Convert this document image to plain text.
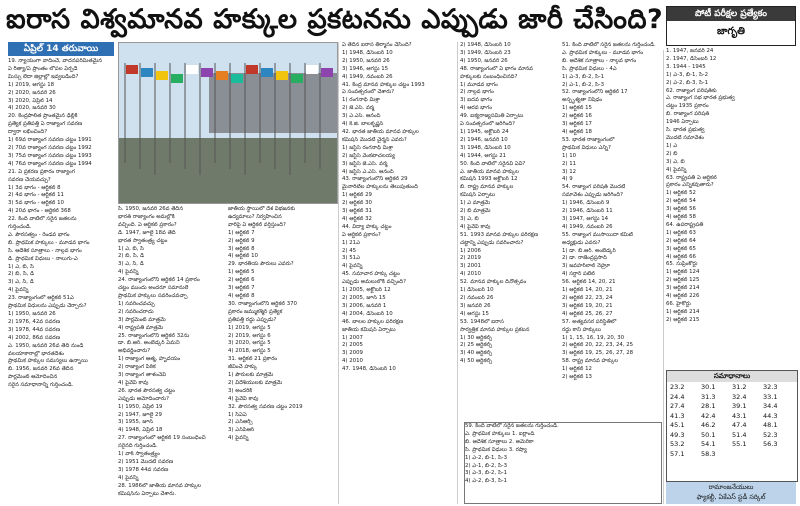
ఐరాస విశ్వమానవ హక్కుల ప్రకటనను ఎప్పుడు జారీ చేసింది?	పోటీ పరీక్షల ప్రత్యేకం
జాగృతి
ఏప్రిల్ 14 తరువాయి

19. న్యాయంగా వాదించే, వాదనపరిమితమైన

ఏ రీత్యా/ఏ ప్రాంతం లోపల ఏర్పడే

మిస్సు లేదా జిల్లాల్లో ఇవ్వబడింది?

1) 2019, ఆగస్టు 18

2) 2020, జనవరి 26

3) 2020, ఏప్రిల్ 14

4) 2020, జనవరి 30

20. కేంద్రపాలిత ప్రాంతమైన ఢిల్లీకి

ప్రత్యేక ప్రతిపత్తి ఏ రాజ్యాంగ సవరణ

ద్వారా లభించింది?

1) 69వ రాజ్యాంగ సవరణ చట్టం 1991

2) 70వ రాజ్యాంగ సవరణ చట్టం 1992

3) 75వ రాజ్యాంగ సవరణ చట్టం 1993

4) 76వ రాజ్యాంగ సవరణ చట్టం 1994

21. ఏ ప్రకరణ ప్రకారం రాజ్యాంగ

సవరణ చేయవచ్చు?

1) 3వ భాగం - ఆర్టికల్ 8

2) 4వ భాగం - ఆర్టికల్ 11

3) 5వ భాగం - ఆర్టికల్ 10

4) 20వ భాగం - ఆర్టికల్ 368

22. కింది వాటిలో సరైన జతలను

గుర్తించండి.

ఎ. పౌరసత్వం - రెండవ భాగం

బి. ప్రాథమిక హక్కులు - మూడవ భాగం

సి. ఆదేశిక సూత్రాలు - నాల్గవ భాగం

డి. ప్రాథమిక విధులు - నాలుగు-ఎ

1) ఎ, బి, సి

2) బి, సి, డి

3) ఎ, సి, డి

4) పైవన్నీ

23. రాజ్యాంగంలో ఆర్టికల్ 51ఎ

ప్రాథమిక విధులను ఎప్పుడు చేర్చారు?

1) 1950, జనవరి 26

2) 1976, 42వ సవరణ

3) 1978, 44వ సవరణ

4) 2002, 86వ సవరణ

ఎ. 1950, జనవరి 26వ తేదీ నుండి

వలయాకారాల్లో భారతదేశం

ప్రాథమిక హక్కుల సమస్యలు ఉన్నాయి

బి. 1956, జనవరి 26వ తేదీన

పార్లమెంట్ ఆమోదించిన

సరైన సమాధానాన్ని గుర్తించండి.

సి. 1950, జనవరి 26వ తేదీన

భారత్ రాజ్యాంగం అమల్లోకి

వచ్చింది. ఏ ఆర్టికల్ ప్రకారం?

డి. 1947, జూలై 18వ తేదీ

భారత స్వాతంత్ర్య చట్టం

1) ఎ, బి, సి

2) బి, సి, డి

3) ఎ, సి, డి

4) పైవన్నీ

24. రాజ్యాంగంలోని ఆర్టికల్ 14 ప్రకారం

చట్టం ముందు అందరూ సమానులే

ప్రాథమిక హక్కులు సవరించవచ్చా

1) సవరించవచ్చు

2) సవరించరాదు

3) పార్లమెంట్ మాత్రమే

4) రాష్ట్రపతి మాత్రమే

25. రాజ్యాంగంలోని ఆర్టికల్ 32ను

డా. బి.ఆర్. అంబేడ్కర్ ఏమని

అభివర్ణించారు?

1) రాజ్యాంగ ఆత్మ, హృదయం

2) రాజ్యాంగ పీఠిక

3) రాజ్యాంగ తాళంచెవి

4) పైవేవీ కావు

26. భారత పౌరసత్వ చట్టం

ఎప్పుడు ఆమోదించారు?

1) 1950, ఏప్రిల్ 19

2) 1947, జూలై 29

3) 1955, జూన్

4) 1948, ఏప్రిల్ 18

27. రాజ్యాంగంలో ఆర్టికల్ 19 సంబంధించి

సరైనది గుర్తించండి.

1) వాక్ స్వాతంత్ర్యం

2) 1951 మొదటి సవరణ

3) 1978 44వ సవరణ

4) పైవన్నీ

28. 1986లో జాతీయ మానవ హక్కుల

కమిషన్‌ను ఏర్పాటు చేశారు.

జాతీయ స్థాయిలో దేశ విభజనకు

ఉద్యమాలు? నిర్వహించిన

వారిపై ఏ ఆర్టికల్ వర్తిస్తుంది?

1) ఆర్టికల్ 7

2) ఆర్టికల్ 9

3) ఆర్టికల్ 8

4) ఆర్టికల్ 10

29. భారతీయ పౌరులు ఎవరు?

1) ఆర్టికల్ 5

2) ఆర్టికల్ 6

3) ఆర్టికల్ 7

4) ఆర్టికల్ 8

30. రాజ్యాంగంలోని ఆర్టికల్ 370

ప్రకారం జమ్ముకశ్మీర్ ప్రత్యేక

ప్రతిపత్తి రద్దు ఎప్పుడు?

1) 2019, ఆగస్టు 5

2) 2019, ఆగస్టు 6

3) 2020, ఆగస్టు 5

4) 2018, ఆగస్టు 5

31. ఆర్టికల్ 21 ప్రకారం

జీవించే హక్కు

1) పౌరులకు మాత్రమే

2) విదేశీయులకు మాత్రమే

3) అందరికీ

4) పైవేవీ కావు

32. పౌరసత్వ సవరణ చట్టం 2019

1) సిఏఏ

2) ఎన్ఆర్సీ

3) ఎన్‌పీఆర్

4) పైవన్నీ

ఏ తేదీన ఐరాస తీర్మానం చేసింది?

1) 1948, డిసెంబర్ 10

2) 1950, జనవరి 26

3) 1946, ఆగస్టు 15

4) 1949, నవంబర్ 26

41. కేంద్ర మానవ హక్కుల చట్టం 1993

ఏ సంవత్సరంలో చేశారు?

1) రంగనాథ్ మిశ్రా

2) జె.ఎస్. వర్మ

3) ఎ.ఎస్. ఆనంద్

4) కె.జి. బాలకృష్ణన్

42. భారత జాతీయ మానవ హక్కుల

కమిషన్ మొదటి చైర్మన్ ఎవరు?

1) జస్టిస్ రంగనాథ్ మిశ్రా

2) జస్టిస్ వెంకటాచలయ్య

3) జస్టిస్ జె.ఎస్. వర్మ

4) జస్టిస్ ఎ.ఎస్. ఆనంద్

43. రాజ్యాంగంలోని ఆర్టికల్ 29

మైనారిటీల హక్కులను తెలుపుతుంది

1) ఆర్టికల్ 29

2) ఆర్టికల్ 30

3) ఆర్టికల్ 31

4) ఆర్టికల్ 32

44. విద్యా హక్కు చట్టం

ఏ ఆర్టికల్ ప్రకారం?

1) 21ఎ

2) 45

3) 51ఎ

4) పైవన్నీ

45. సమాచార హక్కు చట్టం

ఎప్పుడు అమలులోకి వచ్చింది?

1) 2005, అక్టోబర్ 12

2) 2005, జూన్ 15

3) 2006, జనవరి 1

4) 2004, డిసెంబర్ 10

46. బాలల హక్కుల పరిరక్షణ

జాతీయ కమిషన్ ఏర్పాటు

1) 2007

2) 2005

3) 2009

4) 2010

47. 1948, డిసెంబర్ 10

2) 1948, డిసెంబర్ 10

3) 1949, డిసెంబర్ 23

4) 1950, జనవరి 26

48. రాజ్యాంగంలో ఏ భాగం మానవ

హక్కులకు సంబంధించినది?

1) మూడవ భాగం

2) నాల్గవ భాగం

3) ఐదవ భాగం

4) ఆరవ భాగం

49. ఐక్యరాజ్యసమితి ఏర్పాటు

ఏ సంవత్సరంలో జరిగింది?

1) 1945, అక్టోబర్ 24

2) 1946, జనవరి 10

3) 1948, డిసెంబర్ 10

4) 1944, ఆగస్టు 21

50. కింది వాటిలో సరైనవి ఏవి?

ఎ. జాతీయ మానవ హక్కుల

కమిషన్ 1993 అక్టోబర్ 12

బి. రాష్ట్ర మానవ హక్కుల

కమిషన్ ఏర్పాటు

1) ఎ మాత్రమే

2) బి మాత్రమే

3) ఎ, బి

4) పైవేవీ కావు

51. 1993 మానవ హక్కుల పరిరక్షణ

చట్టాన్ని ఎప్పుడు సవరించారు?

1) 2006

2) 2019

3) 2001

4) 2010

52. మానవ హక్కుల దినోత్సవం

1) డిసెంబర్ 10

2) నవంబర్ 26

3) జనవరి 26

4) ఆగస్టు 15

53. 1948లో ఐరాస

సార్వత్రిక మానవ హక్కుల ప్రకటన

1) 30 ఆర్టికల్స్

2) 25 ఆర్టికల్స్

3) 40 ఆర్టికల్స్

4) 50 ఆర్టికల్స్

51. కింది వాటిలో సరైన జతలను గుర్తించండి.

ఎ. ప్రాథమిక హక్కులు - మూడవ భాగం

బి. ఆదేశిక సూత్రాలు - నాల్గవ భాగం

సి. ప్రాథమిక విధులు - 4ఎ

1) ఎ-3, బి-2, సి-1

2) ఎ-1, బి-2, సి-3

52. రాజ్యాంగంలోని ఆర్టికల్ 17

అస్పృశ్యతా నిషేధం

1) ఆర్టికల్ 15

2) ఆర్టికల్ 16

3) ఆర్టికల్ 17

4) ఆర్టికల్ 18

53. భారత రాజ్యాంగంలో

ప్రాథమిక విధులు ఎన్ని?

1) 10

2) 11

3) 12

4) 9

54. రాజ్యాంగ పరిషత్ మొదటి

సమావేశం ఎప్పుడు జరిగింది?

1) 1946, డిసెంబర్ 9

2) 1946, డిసెంబర్ 11

3) 1947, ఆగస్టు 14

4) 1949, నవంబర్ 26

55. రాజ్యాంగ ముసాయిదా కమిటీ

అధ్యక్షుడు ఎవరు?

1) డా. బి.ఆర్. అంబేడ్కర్

2) డా. రాజేంద్రప్రసాద్

3) జవహర్‌లాల్ నెహ్రూ

4) సర్దార్ పటేల్

56. ఆర్టికల్ 14, 20, 21

1) ఆర్టికల్ 14, 20, 21

2) ఆర్టికల్ 22, 23, 24

3) ఆర్టికల్ 19, 20, 21

4) ఆర్టికల్ 25, 26, 27

57. అత్యవసర పరిస్థితిలో

రద్దు కాని హక్కులు

1) 1, 15, 16, 19, 20, 30

2) ఆర్టికల్ 20, 22, 23, 24, 25

3) ఆర్టికల్ 19, 25, 26, 27, 28

58. రాష్ట్ర మానవ హక్కుల

1) ఆర్టికల్ 12

2) ఆర్టికల్ 13

59. కింది వాటిలో సరైన జతలను గుర్తించండి.

ఎ. ప్రాథమిక హక్కులు 1. ఐర్లాండ్

బి. ఆదేశిక సూత్రాలు 2. అమెరికా

సి. ప్రాథమిక విధులు 3. రష్యా

1) ఎ-2, బి-1, సి-3

2) ఎ-1, బి-2, సి-3

3) ఎ-3, బి-2, సి-1

4) ఎ-2, బి-3, సి-1

1. 1947, జనవరి 24

2. 1947, డిసెంబర్ 12

3. 1944 - 1945

1) ఎ-3, బి-1, సి-2

2) ఎ-2, బి-3, సి-1

62. రాజ్యాంగ పరిషత్‌కు

ఎ. రాజ్యాంగ సభ భారత ప్రభుత్వ

చట్టం 1935 ప్రకారం

బి. రాజ్యాంగ పరిషత్

1946 ఏర్పాటు

సి. భారత ప్రభుత్వ

మొదటి సమావేశం

1) ఎ

2) బి

3) ఎ, బి

4) పైవన్నీ

63. రాష్ట్రపతి ఏ ఆర్టికల్

ప్రకారం ఎన్నికవుతారు?

1) ఆర్టికల్ 52

2) ఆర్టికల్ 54

3) ఆర్టికల్ 56

4) ఆర్టికల్ 58

64. ఉపరాష్ట్రపతి

1) ఆర్టికల్ 63

2) ఆర్టికల్ 64

3) ఆర్టికల్ 65

4) ఆర్టికల్ 66

65. సుప్రీంకోర్టు

1) ఆర్టికల్ 124

2) ఆర్టికల్ 125

3) ఆర్టికల్ 214

4) ఆర్టికల్ 226

66. హైకోర్టు

1) ఆర్టికల్ 214

2) ఆర్టికల్ 215

సమాధానాలు
23.2	30.1	31.2	32.3
24.4	31.3	32.4	33.1
27.4	28.1	39.1	34.4
41.3	42.4	43.1	44.3
45.1	46.2	47.4	48.1
49.3	50.1	51.4	52.3
53.2	54.1	55.1	56.3
57.1	58.3
రామాంజనేయులు
ఫ్యాకల్టీ, ఏకేఎస్ స్టడీ సర్కిల్
